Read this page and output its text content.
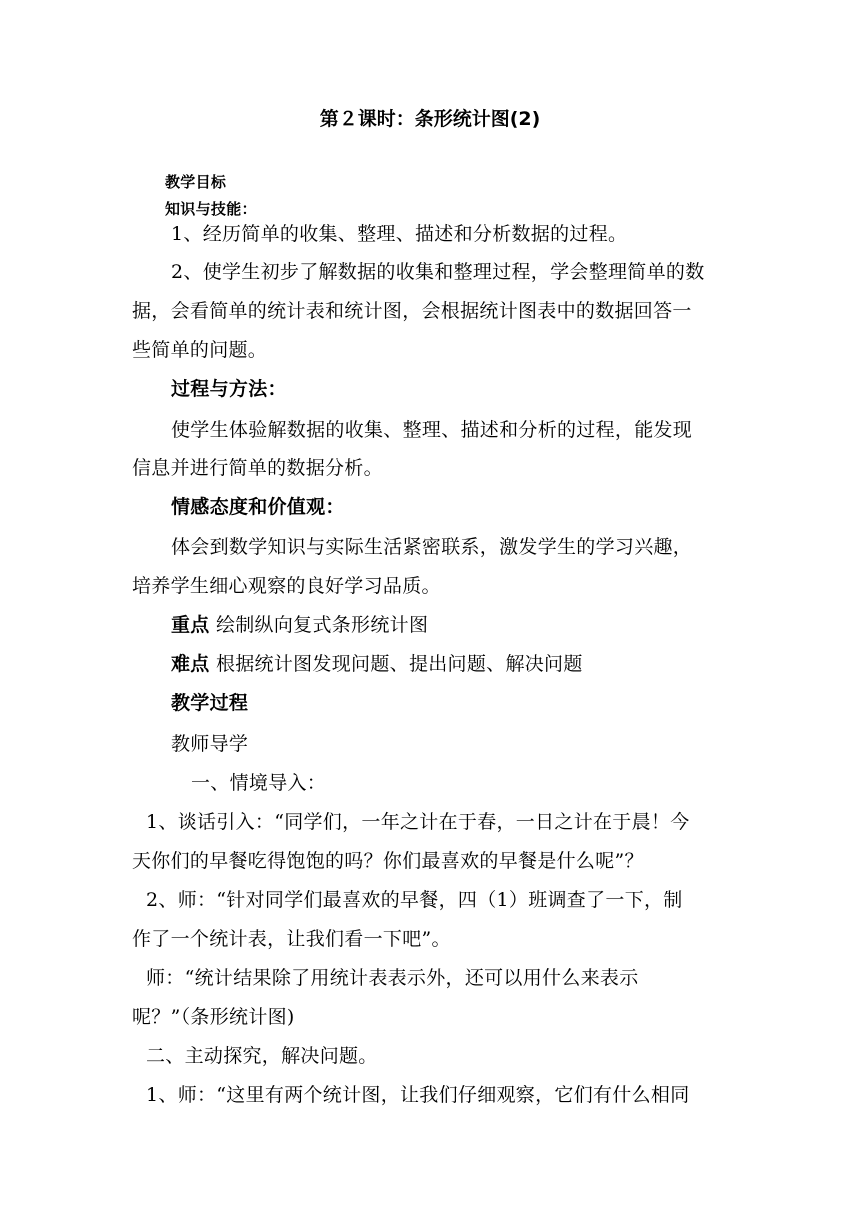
第２课时：条形统计图(2)
教学目标
知识与技能：
1、经历简单的收集、整理、描述和分析数据的过程。
2、使学生初步了解数据的收集和整理过程，学会整理简单的数
据，会看简单的统计表和统计图，会根据统计图表中的数据回答一
些简单的问题。
过程与方法：
使学生体验解数据的收集、整理、描述和分析的过程，能发现
信息并进行简单的数据分析。
情感态度和价值观：
体会到数学知识与实际生活紧密联系，激发学生的学习兴趣，
培养学生细心观察的良好学习品质。
重点 绘制纵向复式条形统计图
难点 根据统计图发现问题、提出问题、解决问题
教学过程
教师导学
一、情境导入：
1、谈话引入：“同学们，一年之计在于春，一日之计在于晨！今
天你们的早餐吃得饱饱的吗？你们最喜欢的早餐是什么呢”？
2、师：“针对同学们最喜欢的早餐，四（1）班调查了一下，制
作了一个统计表，让我们看一下吧”。
师：“统计结果除了用统计表表示外，还可以用什么来表示
呢？”（条形统计图)
二、主动探究，解决问题。
1、师：“这里有两个统计图，让我们仔细观察，它们有什么相同
